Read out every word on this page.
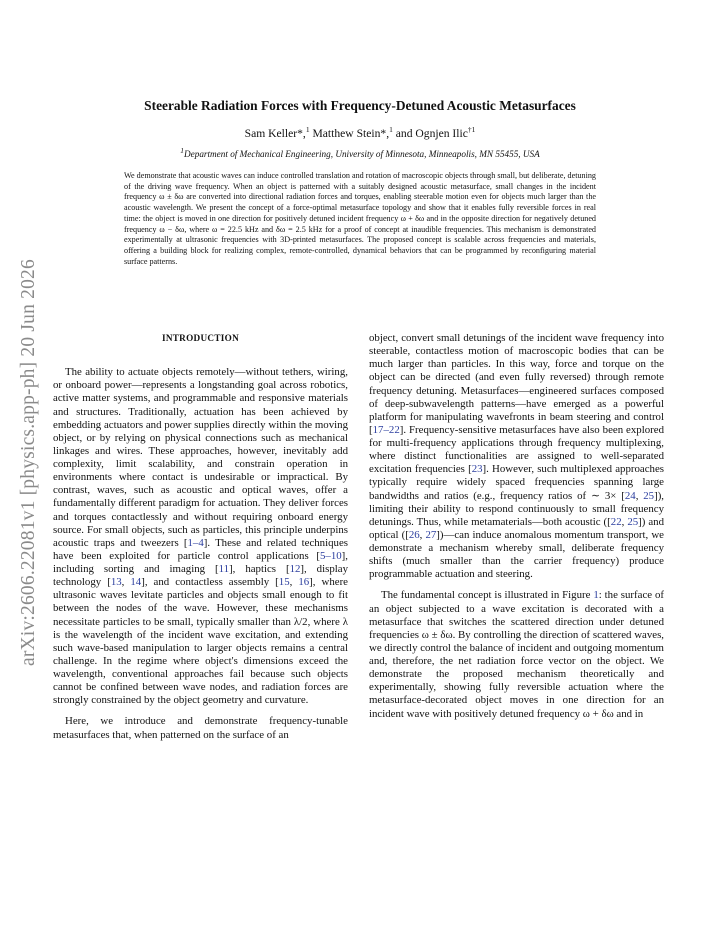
arXiv:2606.22081v1 [physics.app-ph] 20 Jun 2026
Steerable Radiation Forces with Frequency-Detuned Acoustic Metasurfaces
Sam Keller*,$^1$ Matthew Stein*,$^1$ and Ognjen Ilic$^{\dagger 1}$
$^1$Department of Mechanical Engineering, University of Minnesota, Minneapolis, MN 55455, USA
We demonstrate that acoustic waves can induce controlled translation and rotation of macroscopic objects through small, but deliberate, detuning of the driving wave frequency. When an object is patterned with a suitably designed acoustic metasurface, small changes in the incident frequency ω ± δω are converted into directional radiation forces and torques, enabling steerable motion even for objects much larger than the acoustic wavelength. We present the concept of a force-optimal metasurface topology and show that it enables fully reversible forces in real time: the object is moved in one direction for positively detuned incident frequency ω + δω and in the opposite direction for negatively detuned frequency ω − δω, where ω = 22.5 kHz and δω = 2.5 kHz for a proof of concept at inaudible frequencies. This mechanism is demonstrated experimentally at ultrasonic frequencies with 3D-printed metasurfaces. The proposed concept is scalable across frequencies and materials, offering a building block for realizing complex, remote-controlled, dynamical behaviors that can be programmed by reconfiguring material surface patterns.
INTRODUCTION

The ability to actuate objects remotely—without tethers, wiring, or onboard power—represents a longstanding goal across robotics, active matter systems, and programmable and responsive materials and structures. Traditionally, actuation has been achieved by embedding actuators and power supplies directly within the moving object, or by relying on physical connections such as mechanical linkages and wires. These approaches, however, inevitably add complexity, limit scalability, and constrain operation in environments where contact is undesirable or impractical. By contrast, waves, such as acoustic and optical waves, offer a fundamentally different paradigm for actuation. They deliver forces and torques contactlessly and without requiring onboard energy source. For small objects, such as particles, this principle underpins acoustic traps and tweezers [1–4]. These and related techniques have been exploited for particle control applications [5–10], including sorting and imaging [11], haptics [12], display technology [13, 14], and contactless assembly [15, 16], where ultrasonic waves levitate particles and objects small enough to fit between the nodes of the wave. However, these mechanisms necessitate particles to be small, typically smaller than λ/2, where λ is the wavelength of the incident wave excitation, and extending such wave-based manipulation to larger objects remains a central challenge. In the regime where object's dimensions exceed the wavelength, conventional approaches fail because such objects cannot be confined between wave nodes, and radiation forces are strongly constrained by the object geometry and curvature.

Here, we introduce and demonstrate frequency-tunable metasurfaces that, when patterned on the surface of an

object, convert small detunings of the incident wave frequency into steerable, contactless motion of macroscopic bodies that can be much larger than particles. In this way, force and torque on the object can be directed (and even fully reversed) through remote frequency detuning. Metasurfaces—engineered surfaces composed of deep-subwavelength patterns—have emerged as a powerful platform for manipulating wavefronts in beam steering and control [17–22]. Frequency-sensitive metasurfaces have also been explored for multi-frequency applications through frequency multiplexing, where distinct functionalities are assigned to well-separated excitation frequencies [23]. However, such multiplexed approaches typically require widely spaced frequencies spanning large bandwidths and ratios (e.g., frequency ratios of ∼ 3× [24, 25]), limiting their ability to respond continuously to small frequency detunings. Thus, while metamaterials—both acoustic ([22, 25]) and optical ([26, 27])—can induce anomalous momentum transport, we demonstrate a mechanism whereby small, deliberate frequency shifts (much smaller than the carrier frequency) produce programmable actuation and steering.

The fundamental concept is illustrated in Figure 1: the surface of an object subjected to a wave excitation is decorated with a metasurface that switches the scattered direction under detuned frequencies ω ± δω. By controlling the direction of scattered waves, we directly control the balance of incident and outgoing momentum and, therefore, the net radiation force vector on the object. We demonstrate the proposed mechanism theoretically and experimentally, showing fully reversible actuation where the metasurface-decorated object moves in one direction for an incident wave with positively detuned frequency ω + δω and in
